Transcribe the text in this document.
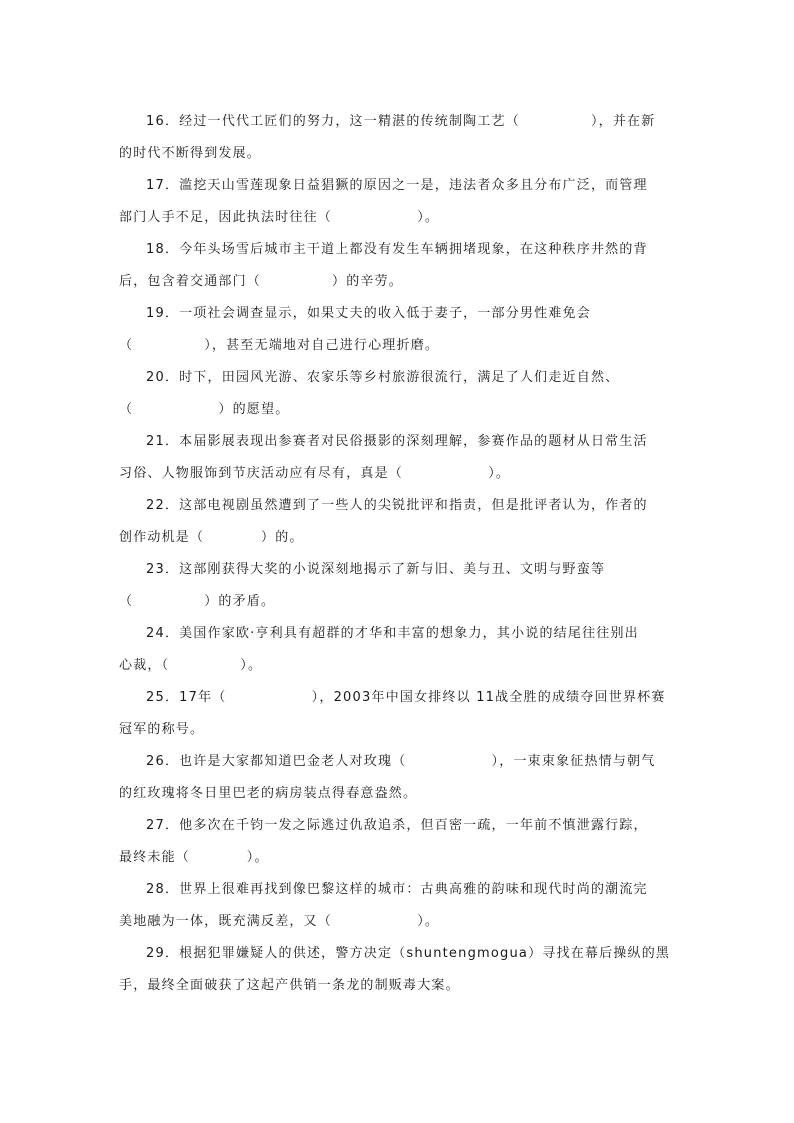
16．经过一代代工匠们的努力，这一精湛的传统制陶工艺（　　　　　），并在新
的时代不断得到发展。

17．滥挖天山雪莲现象日益猖獗的原因之一是，违法者众多且分布广泛，而管理
部门人手不足，因此执法时往往（　　　　　　）。

18．今年头场雪后城市主干道上都没有发生车辆拥堵现象，在这种秩序井然的背
后，包含着交通部门（　　　　　）的辛劳。

19．一项社会调查显示，如果丈夫的收入低于妻子，一部分男性难免会
（　　　　　），甚至无端地对自己进行心理折磨。

20．时下，田园风光游、农家乐等乡村旅游很流行，满足了人们走近自然、
（　　　　　　）的愿望。

21．本届影展表现出参赛者对民俗摄影的深刻理解，参赛作品的题材从日常生活
习俗、人物服饰到节庆活动应有尽有，真是（　　　　　　）。

22．这部电视剧虽然遭到了一些人的尖锐批评和指责，但是批评者认为，作者的
创作动机是（　　　　）的。

23．这部刚获得大奖的小说深刻地揭示了新与旧、美与丑、文明与野蛮等
（　　　　　）的矛盾。

24．美国作家欧·亨利具有超群的才华和丰富的想象力，其小说的结尾往往别出
心裁，（　　　　　）。

25．17年（　　　　　　），2003年中国女排终以 11战全胜的成绩夺回世界杯赛
冠军的称号。

26．也许是大家都知道巴金老人对玫瑰（　　　　　　），一束束象征热情与朝气
的红玫瑰将冬日里巴老的病房装点得春意盎然。

27．他多次在千钧一发之际逃过仇敌追杀，但百密一疏，一年前不慎泄露行踪，
最终未能（　　　　）。

28．世界上很难再找到像巴黎这样的城市：古典高雅的韵味和现代时尚的潮流完
美地融为一体，既充满反差，又（　　　　　　）。

29．根据犯罪嫌疑人的供述，警方决定（shuntengmogua）寻找在幕后操纵的黑
手，最终全面破获了这起产供销一条龙的制贩毒大案。
